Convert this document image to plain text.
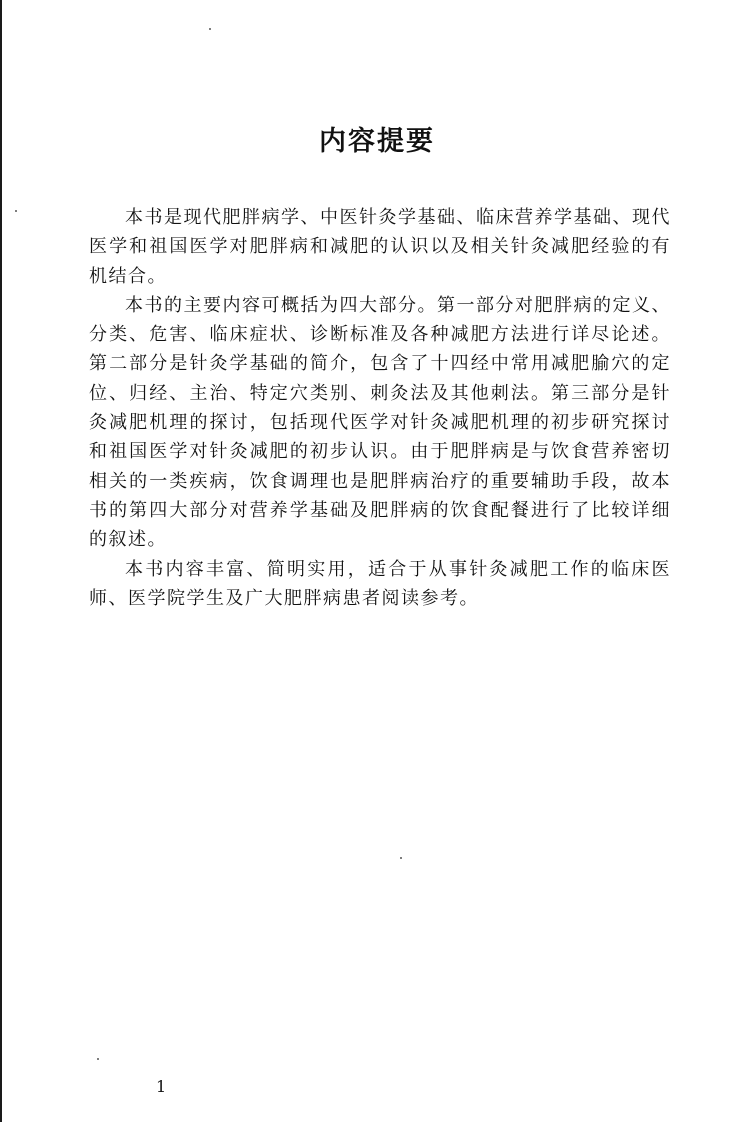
内容提要

本书是现代肥胖病学、中医针灸学基础、临床营养学基础、现代医学和祖国医学对肥胖病和减肥的认识以及相关针灸减肥经验的有机结合。

本书的主要内容可概括为四大部分。第一部分对肥胖病的定义、分类、危害、临床症状、诊断标准及各种减肥方法进行详尽论述。第二部分是针灸学基础的简介，包含了十四经中常用减肥腧穴的定位、归经、主治、特定穴类别、刺灸法及其他刺法。第三部分是针灸减肥机理的探讨，包括现代医学对针灸减肥机理的初步研究探讨和祖国医学对针灸减肥的初步认识。由于肥胖病是与饮食营养密切相关的一类疾病，饮食调理也是肥胖病治疗的重要辅助手段，故本书的第四大部分对营养学基础及肥胖病的饮食配餐进行了比较详细的叙述。

本书内容丰富、简明实用，适合于从事针灸减肥工作的临床医师、医学院学生及广大肥胖病患者阅读参考。

1
